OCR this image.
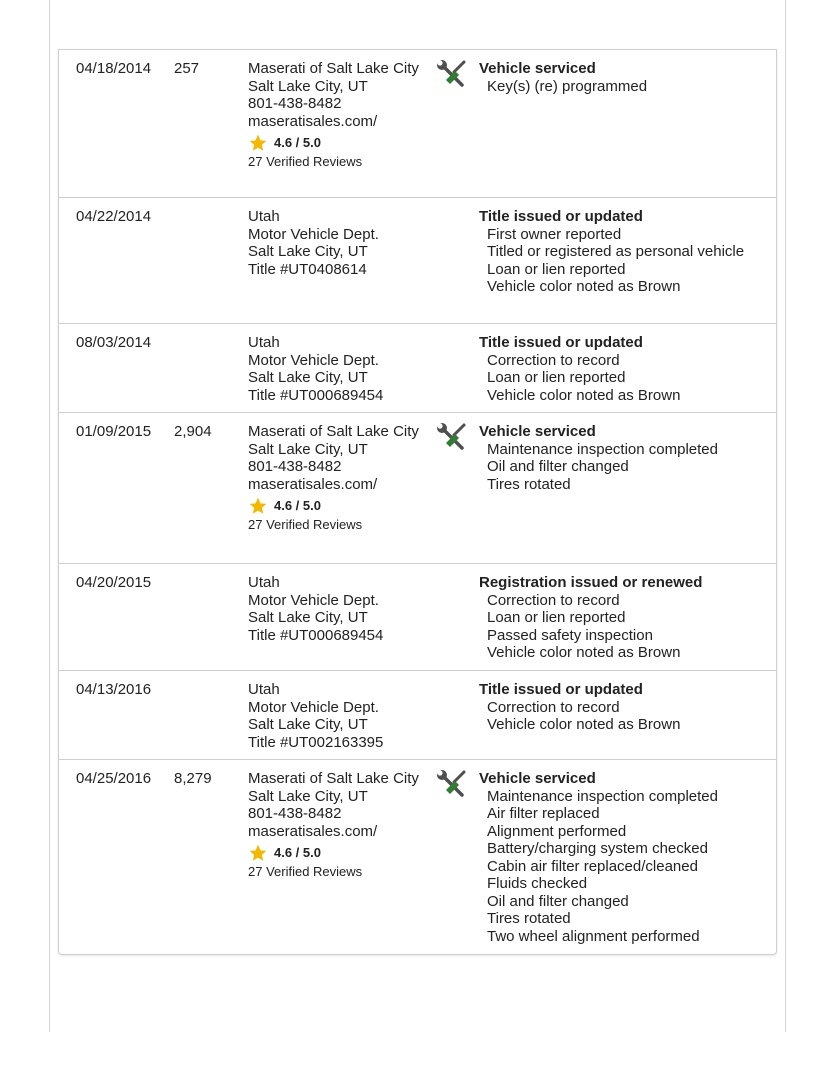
04/18/2014 257	Maserati of Salt Lake City
Salt Lake City, UT
801-438-8482
maseratisales.com/
4.6 / 5.0
27 Verified Reviews
Vehicle serviced
Key(s) (re) programmed
04/22/2014	Utah
Motor Vehicle Dept.
Salt Lake City, UT
Title #UT0408614
Title issued or updated
First owner reported
Titled or registered as personal vehicle
Loan or lien reported
Vehicle color noted as Brown
08/03/2014	Utah
Motor Vehicle Dept.
Salt Lake City, UT
Title #UT000689454
Title issued or updated
Correction to record
Loan or lien reported
Vehicle color noted as Brown
01/09/2015 2,904 Maserati of Salt Lake City
Salt Lake City, UT
801-438-8482
maseratisales.com/
4.6 / 5.0
27 Verified Reviews
Vehicle serviced
Maintenance inspection completed
Oil and filter changed
Tires rotated
04/20/2015	Utah
Motor Vehicle Dept.
Salt Lake City, UT
Title #UT000689454
Registration issued or renewed
Correction to record
Loan or lien reported
Passed safety inspection
Vehicle color noted as Brown
04/13/2016	Utah
Motor Vehicle Dept.
Salt Lake City, UT
Title #UT002163395
Title issued or updated
Correction to record
Vehicle color noted as Brown
04/25/2016 8,279 Maserati of Salt Lake City
Salt Lake City, UT
801-438-8482
maseratisales.com/
4.6 / 5.0
27 Verified Reviews
Vehicle serviced
Maintenance inspection completed
Air filter replaced
Alignment performed
Battery/charging system checked
Cabin air filter replaced/cleaned
Fluids checked
Oil and filter changed
Tires rotated
Two wheel alignment performed
